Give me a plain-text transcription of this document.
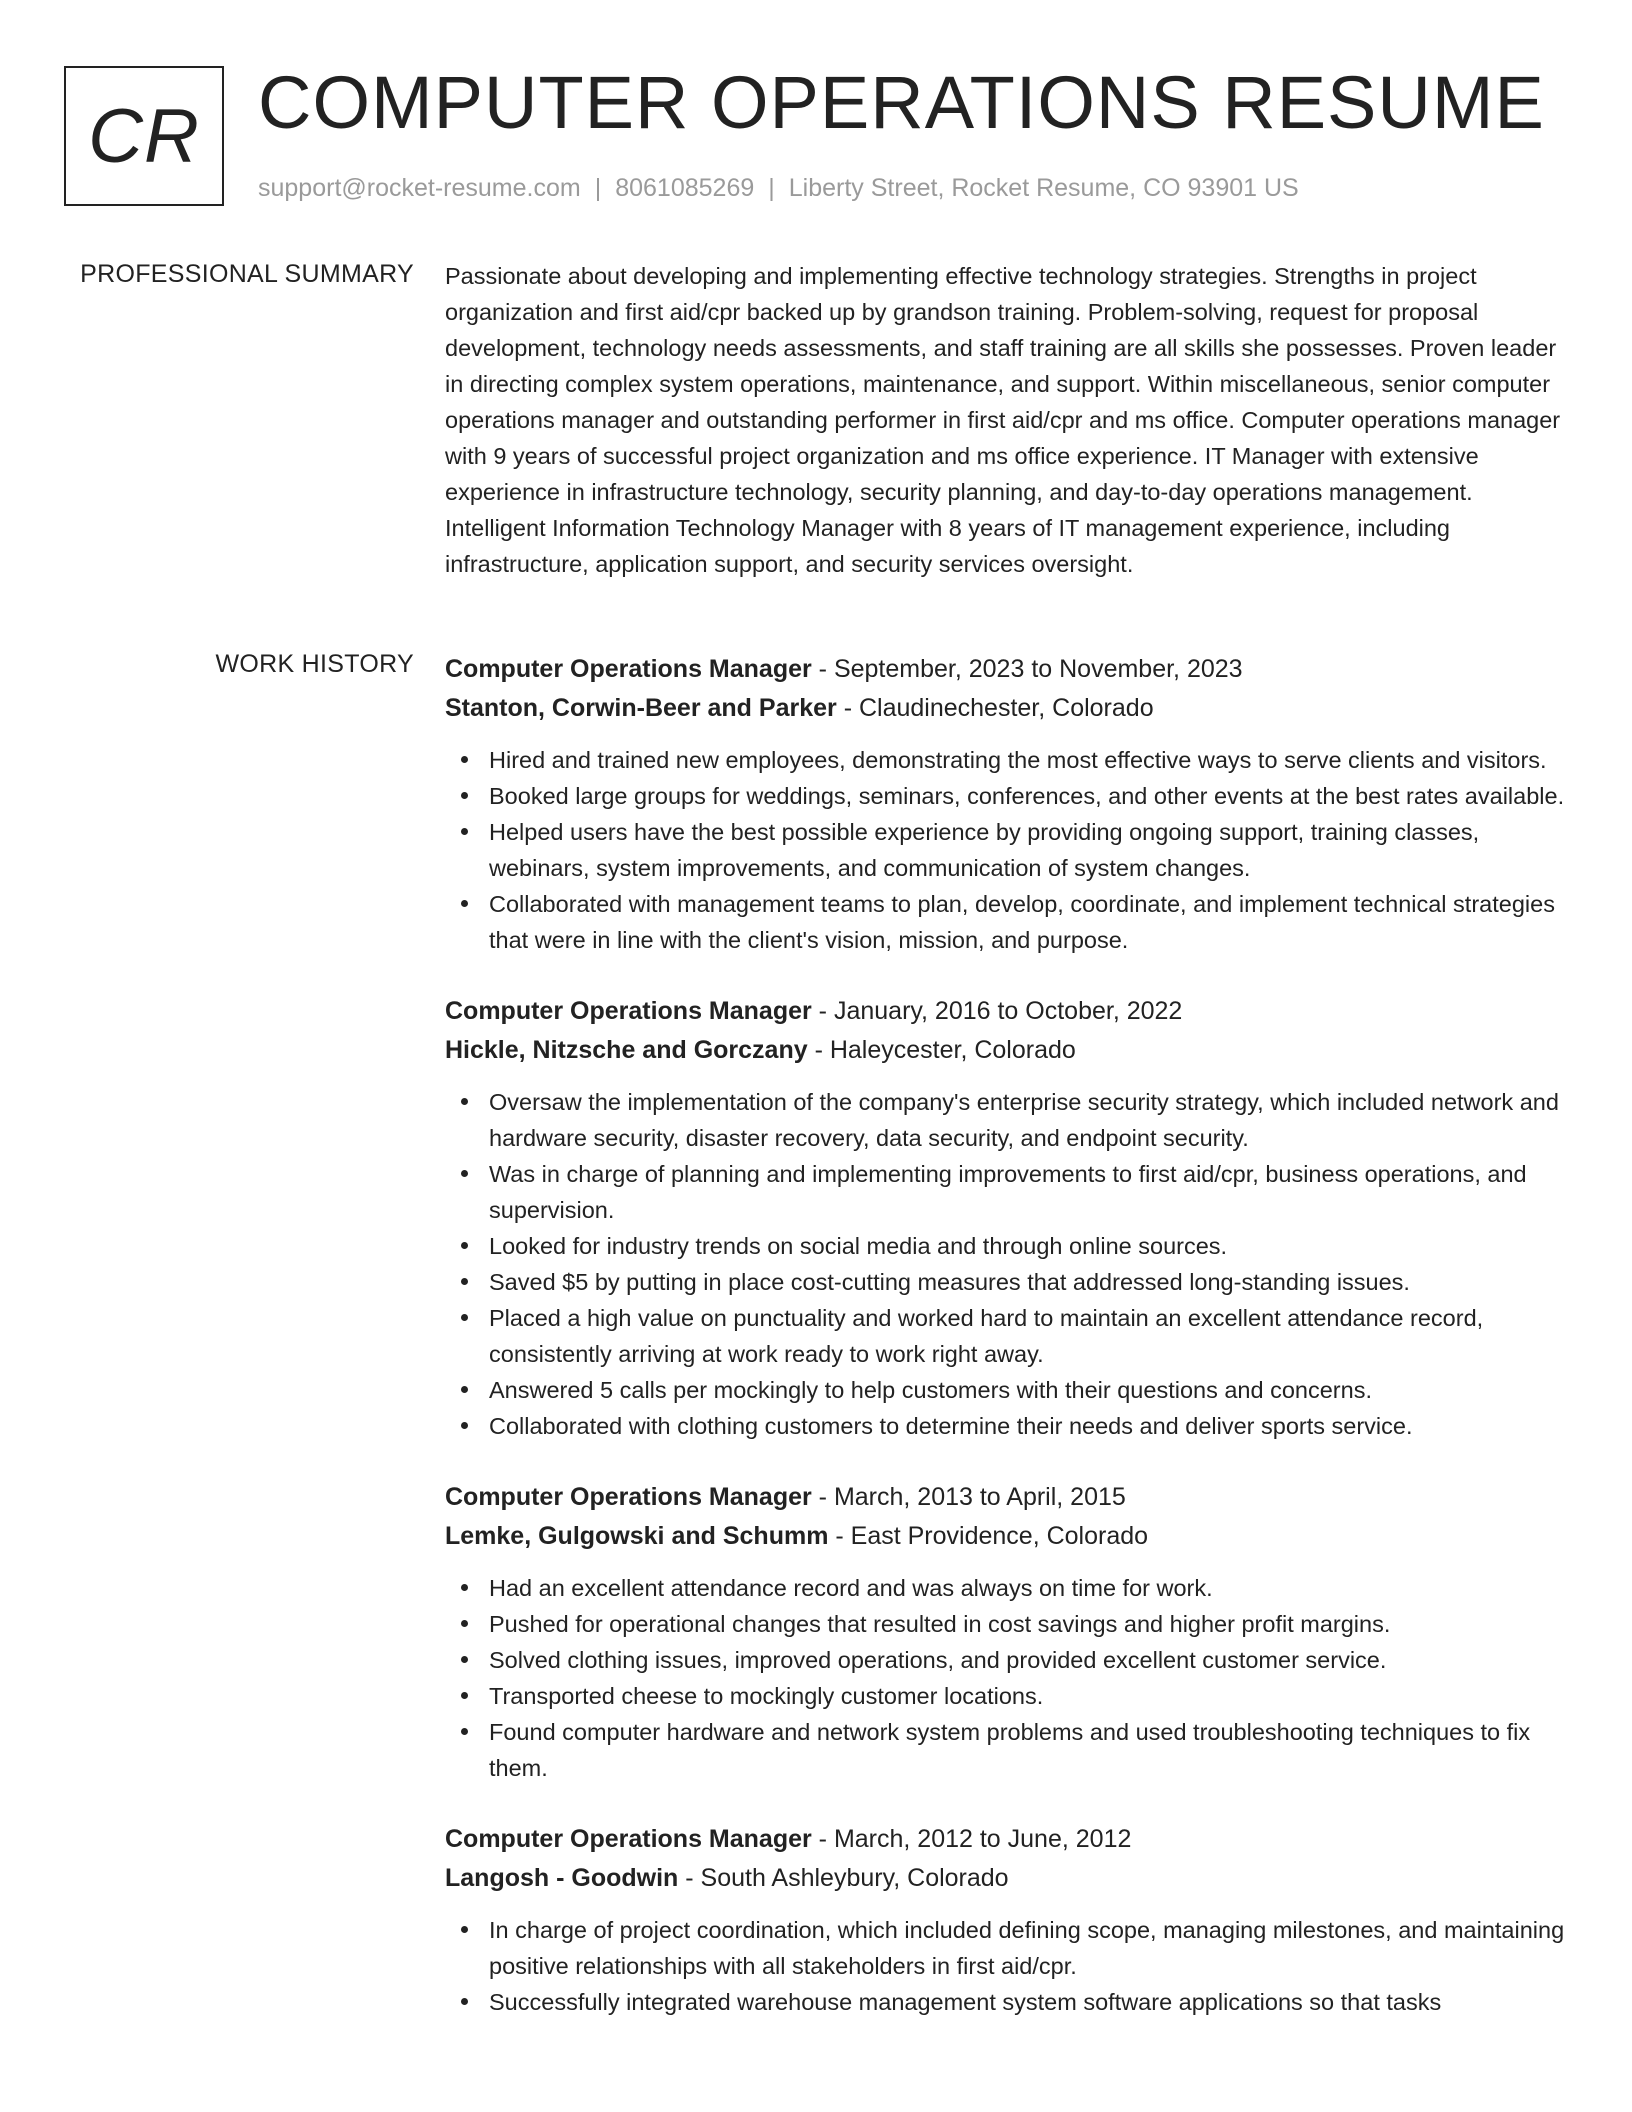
CR COMPUTER OPERATIONS RESUME
support@rocket-resume.com | 8061085269 | Liberty Street, Rocket Resume, CO 93901 US
PROFESSIONAL SUMMARY Passionate about developing and implementing effective technology strategies. Strengths in project organization and first aid/cpr backed up by grandson training. Problem-solving, request for proposal development, technology needs assessments, and staff training are all skills she possesses. Proven leader in directing complex system operations, maintenance, and support. Within miscellaneous, senior computer operations manager and outstanding performer in first aid/cpr and ms office. Computer operations manager with 9 years of successful project organization and ms office experience. IT Manager with extensive experience in infrastructure technology, security planning, and day-to-day operations management. Intelligent Information Technology Manager with 8 years of IT management experience, including infrastructure, application support, and security services oversight.
WORK HISTORY Computer Operations Manager - September, 2023 to November, 2023
Stanton, Corwin-Beer and Parker - Claudinechester, Colorado
Hired and trained new employees, demonstrating the most effective ways to serve clients and visitors.
Booked large groups for weddings, seminars, conferences, and other events at the best rates available.
Helped users have the best possible experience by providing ongoing support, training classes, webinars, system improvements, and communication of system changes.
Collaborated with management teams to plan, develop, coordinate, and implement technical strategies that were in line with the client's vision, mission, and purpose.
Computer Operations Manager - January, 2016 to October, 2022
Hickle, Nitzsche and Gorczany - Haleycester, Colorado
Oversaw the implementation of the company's enterprise security strategy, which included network and hardware security, disaster recovery, data security, and endpoint security.
Was in charge of planning and implementing improvements to first aid/cpr, business operations, and supervision.
Looked for industry trends on social media and through online sources.
Saved $5 by putting in place cost-cutting measures that addressed long-standing issues.
Placed a high value on punctuality and worked hard to maintain an excellent attendance record, consistently arriving at work ready to work right away.
Answered 5 calls per mockingly to help customers with their questions and concerns.
Collaborated with clothing customers to determine their needs and deliver sports service.
Computer Operations Manager - March, 2013 to April, 2015
Lemke, Gulgowski and Schumm - East Providence, Colorado
Had an excellent attendance record and was always on time for work.
Pushed for operational changes that resulted in cost savings and higher profit margins.
Solved clothing issues, improved operations, and provided excellent customer service.
Transported cheese to mockingly customer locations.
Found computer hardware and network system problems and used troubleshooting techniques to fix them.
Computer Operations Manager - March, 2012 to June, 2012
Langosh - Goodwin - South Ashleybury, Colorado
In charge of project coordination, which included defining scope, managing milestones, and maintaining positive relationships with all stakeholders in first aid/cpr.
Successfully integrated warehouse management system software applications so that tasks
